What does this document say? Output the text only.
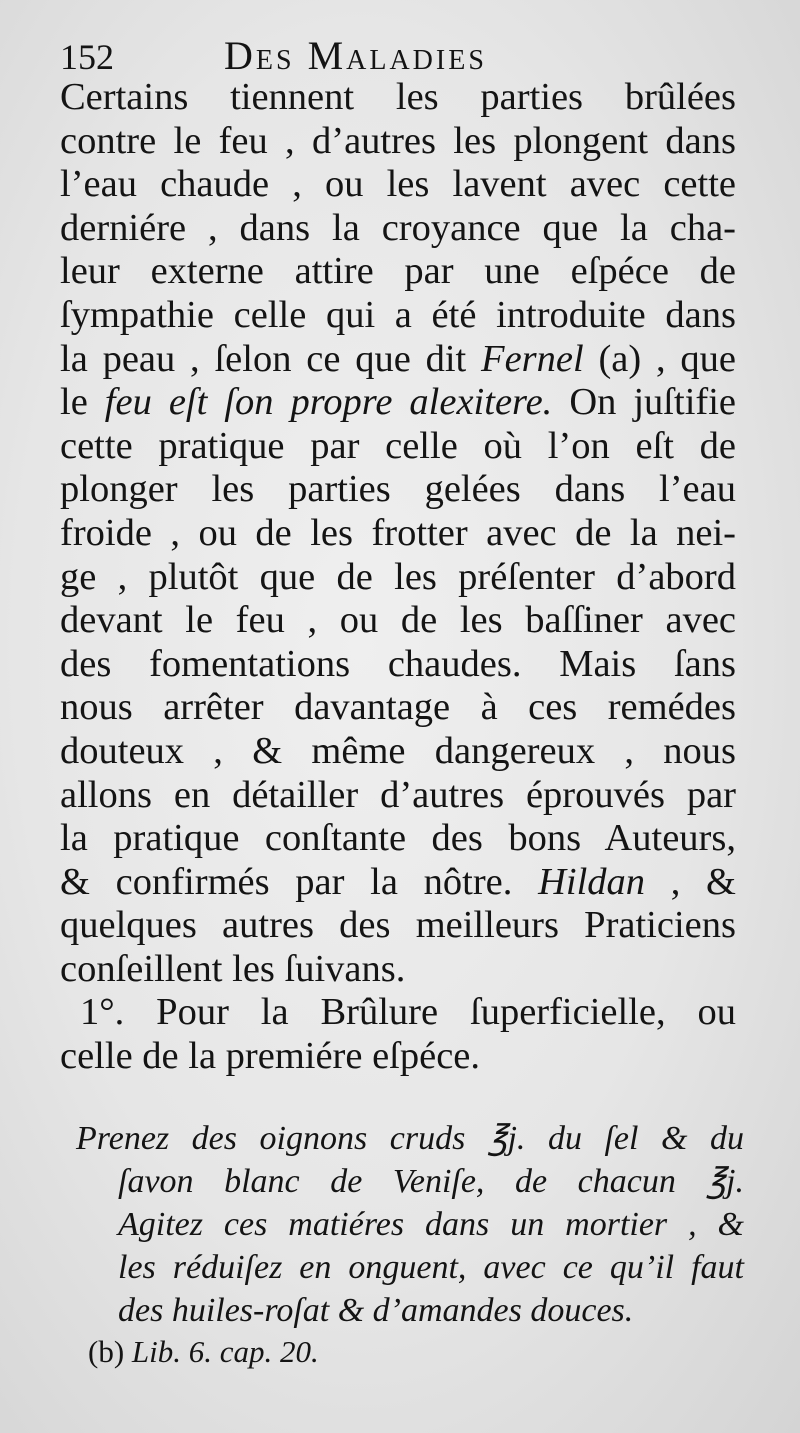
152	Des Maladies
Certains tiennent les parties brûlées
contre le feu , d’autres les plongent dans
l’eau chaude , ou les lavent avec cette
derniére , dans la croyance que la cha-
leur externe attire par une eſpéce de
ſympathie celle qui a été introduite dans
la peau , ſelon ce que dit Fernel (a) , que
le feu eſt ſon propre alexitere. On juſtifie
cette pratique par celle où l’on eſt de
plonger les parties gelées dans l’eau
froide , ou de les frotter avec de la nei-
ge , plutôt que de les préſenter d’abord
devant le feu , ou de les baſſiner avec
des fomentations chaudes. Mais ſans
nous arrêter davantage à ces remédes
douteux , & même dangereux , nous
allons en détailler d’autres éprouvés par
la pratique conſtante des bons Auteurs,
& confirmés par la nôtre. Hildan , &
quelques autres des meilleurs Praticiens
conſeillent les ſuivans.
1°. Pour la Brûlure ſuperficielle, ou
celle de la premiére eſpéce.
Prenez des oignons cruds ℥j. du ſel & du
ſavon blanc de Veniſe, de chacun ℥j.
Agitez ces matiéres dans un mortier , &
les réduiſez en onguent, avec ce qu’il faut
des huiles-roſat & d’amandes douces.
(b) Lib. 6. cap. 20.
